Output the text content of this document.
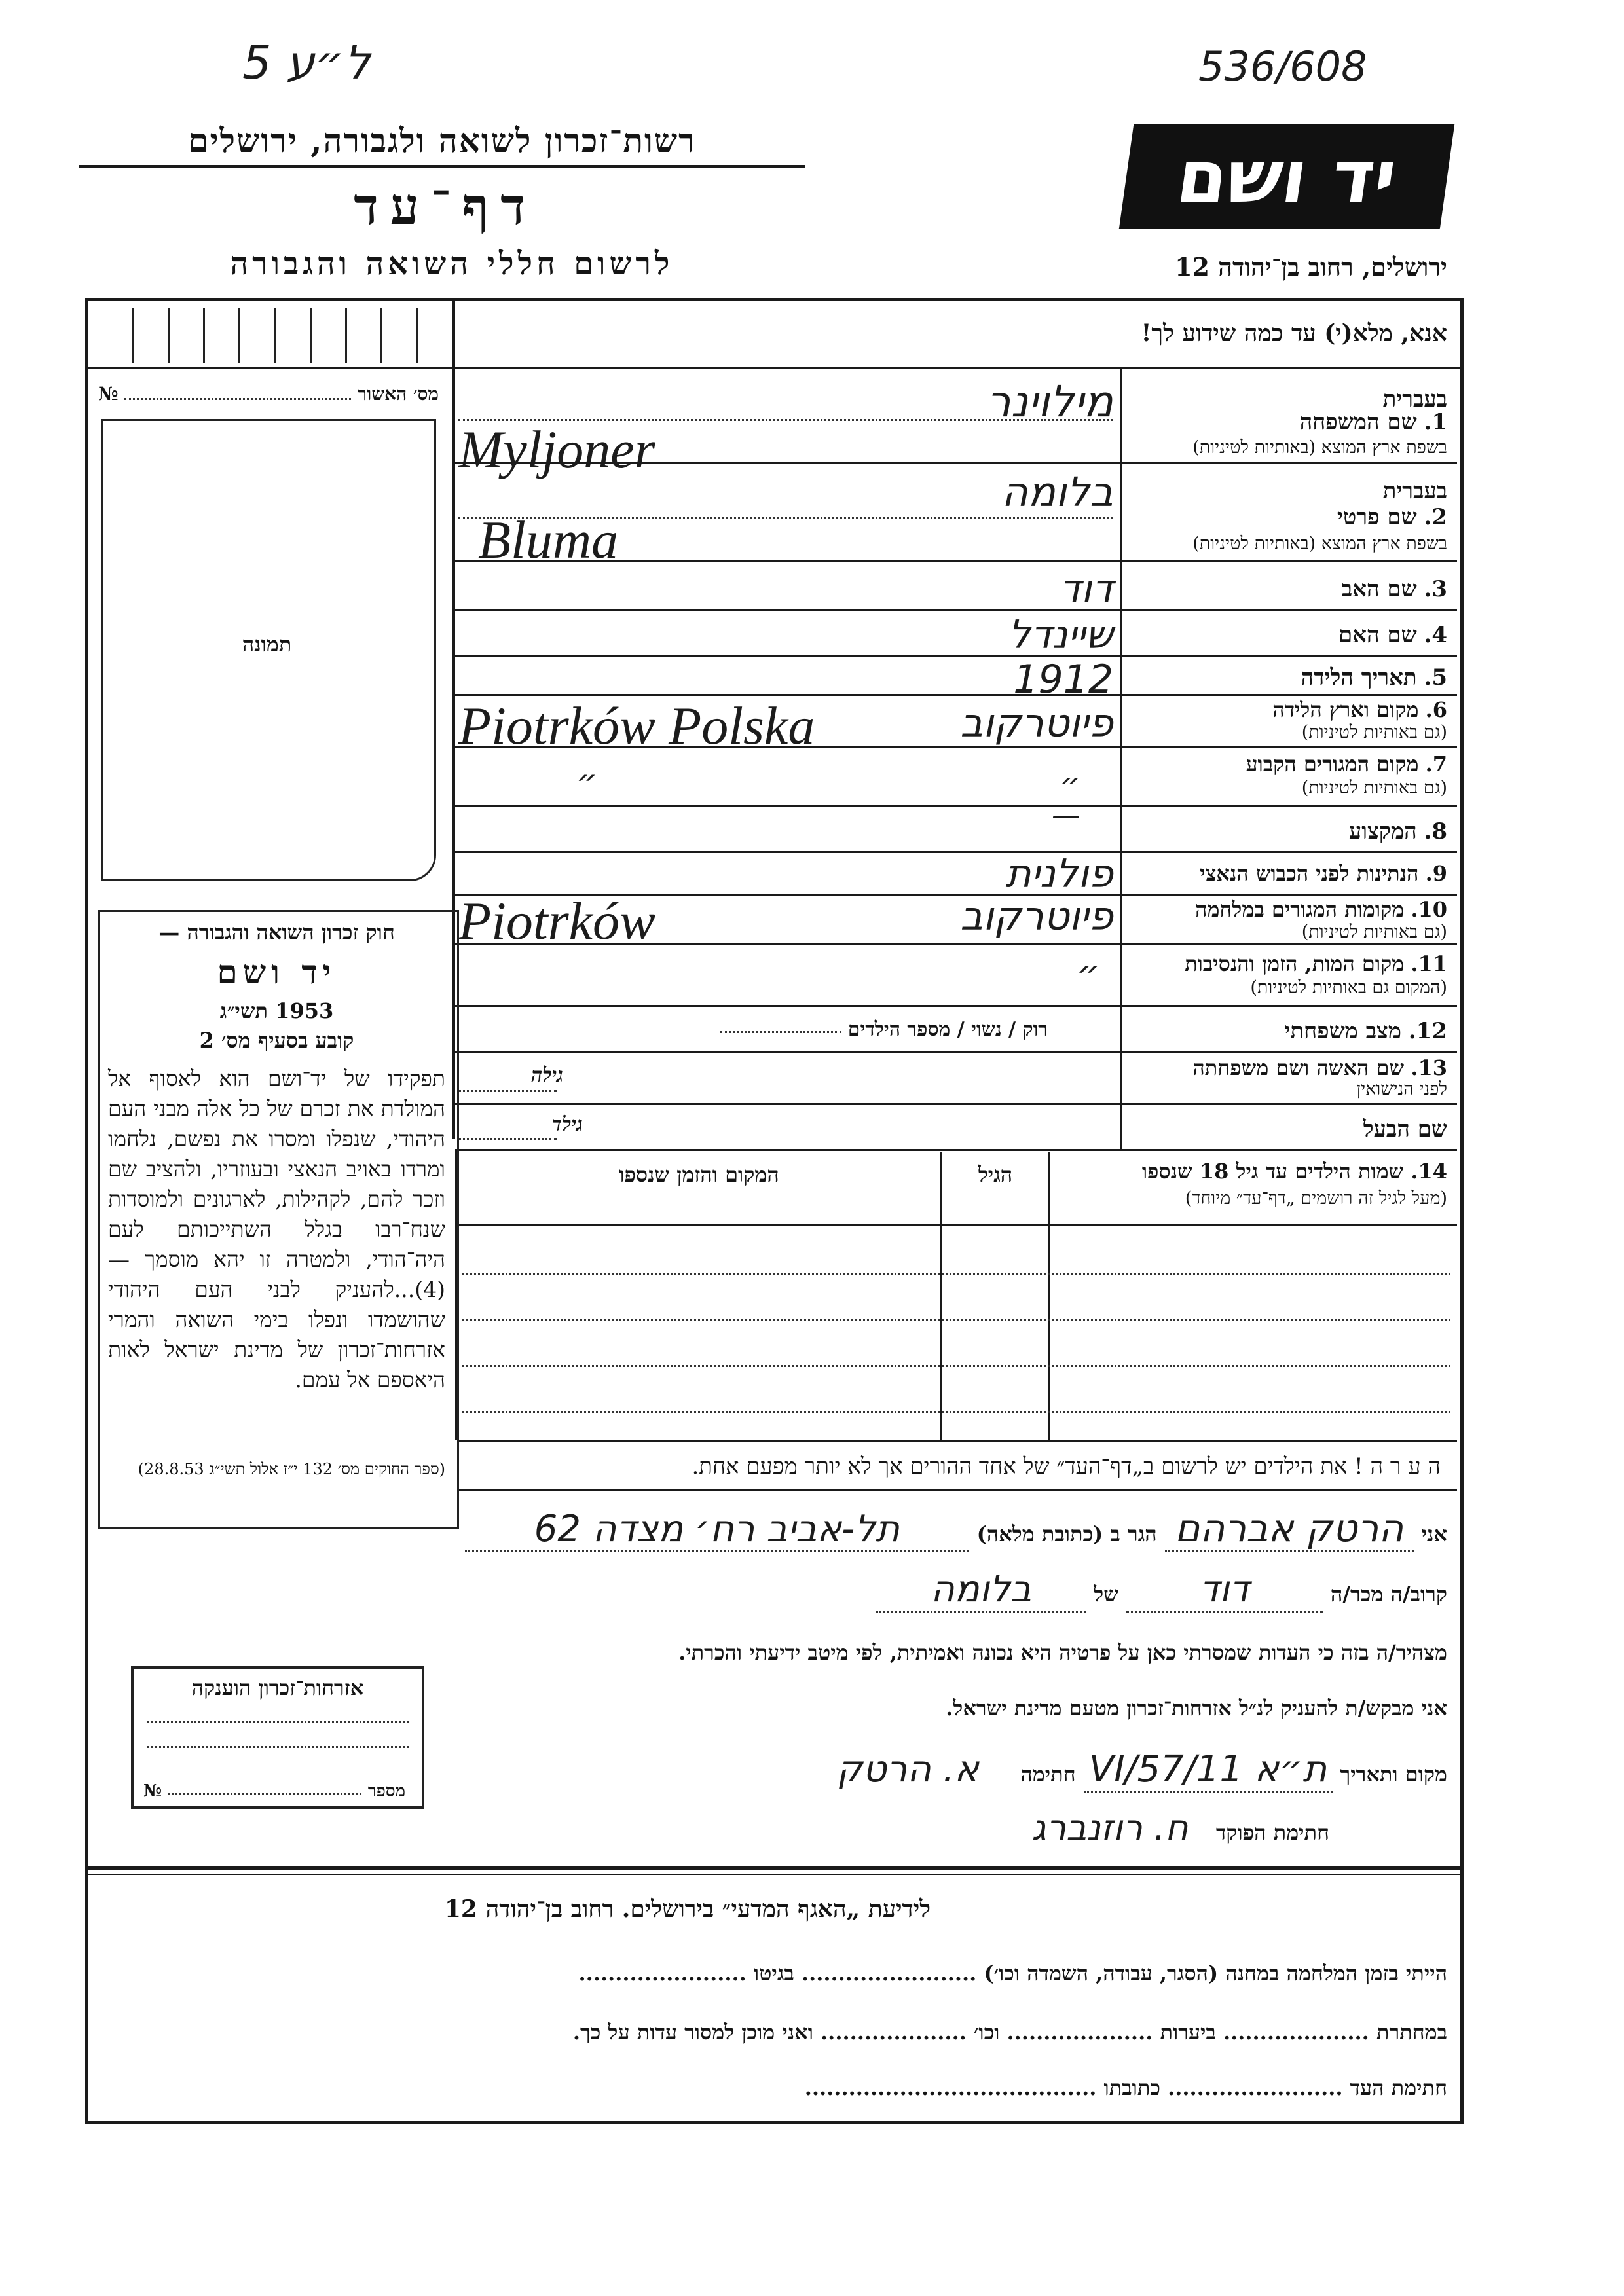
ל״ע 5	536/608
רשות־זכרון לשואה ולגבורה, ירושלים
דף־עד
לרשום חללי השואה והגבורה
יד ושם
ירושלים, רחוב בן־יהודה 12
אנא, מלא(י) עד כמה שידוע לך!
מס׳ האשור
№
תמונה
בעברית
1. שם המשפחה
בשפת ארץ המוצא (באותיות לטיניות)
בעברית
2. שם פרטי
בשפת ארץ המוצא (באותיות לטיניות)
3. שם האב
4. שם האם
5. תאריך הלידה
6. מקום וארץ הלידה
(גם באותיות לטיניות)
7. מקום המגורים הקבוע
(גם באותיות לטיניות)
8. המקצוע
9. הנתינות לפני הכבוש הנאצי
10. מקומות המגורים במלחמה
(גם באותיות לטיניות)
11. מקום המות, הזמן והנסיבות
(המקום גם באותיות לטיניות)
12. מצב משפחתי
13. שם האשה ושם משפחתה
לפני הנישואין
שם הבעל
מילוינר
Myljoner
בלומה
Bluma
דוד
שיינדל
1912
פיוטרקוב
Piotrków Polska
״
״
—
פולנית
פיוטרקוב
Piotrków
״
רוק / נשוי / מספר הילדים
גילה
גילד
14. שמות הילדים עד גיל 18 שנספו
(מעל לגיל זה רושמים „דף־עד״ מיוחד)
הגיל
המקום והזמן שנספו
ה ע ר ה ! את הילדים יש לרשום ב„דף־העד״ של אחד ההורים אך לא יותר מפעם אחת.
חוק זכרון השואה והגבורה —
יד ושם
1953 תשי״ג
קובע בסעיף מס׳ 2
תפקידו של יד־ושם הוא לאסוף אל המולדת את זכרם של כל אלה מבני העם היהודי, שנפלו ומסרו את נפשם, נלחמו ומרדו באויב הנאצי ובעוזריו, ולהציב שם וזכר להם, לקהילות, לארגונים ולמוסדות שנח־רבו בגלל השתייכותם לעם היה־הודי, ולמטרה זו יהא מוסמך — (4)...להעניק לבני העם היהודי שהושמדו ונפלו בימי השואה והמרי אזרחות־זכרון של מדינת ישראל לאות היאספם אל עמם.
(ספר החוקים מס׳ 132 י״ז אלול תשי״ג 28.8.53)
אני
הרטק אברהם
הגר ב (כתובת מלאה)
תל-אביב רח׳ מצדה 62
קרוב/ה מכר/ה
דוד
של
בלומה
מצהיר/ה בזה כי העדות שמסרתי כאן על פרטיה היא נכונה ואמיתית, לפי מיטב ידיעתי והכרתי.
אני מבקש/ת להעניק לנ״ל אזרחות־זכרון מטעם מדינת ישראל.
מקום ותאריך
ת״א 11/VI/57
חתימה
א. הרטק
חתימת הפוקד
ח. רוזנברג
אזרחות־זכרון הוענקה
מספר
№
לידיעת „האגף המדעי״ בירושלים. רחוב בן־יהודה 12
הייתי בזמן המלחמה במחנה (הסגר, עבודה, השמדה וכו׳) ........................ בגיטו .......................
במחתרת .................... ביערות .................... וכו׳ .................... ואני מוכן למסור עדות על כך.
חתימת העד ........................ כתובתו ........................................
